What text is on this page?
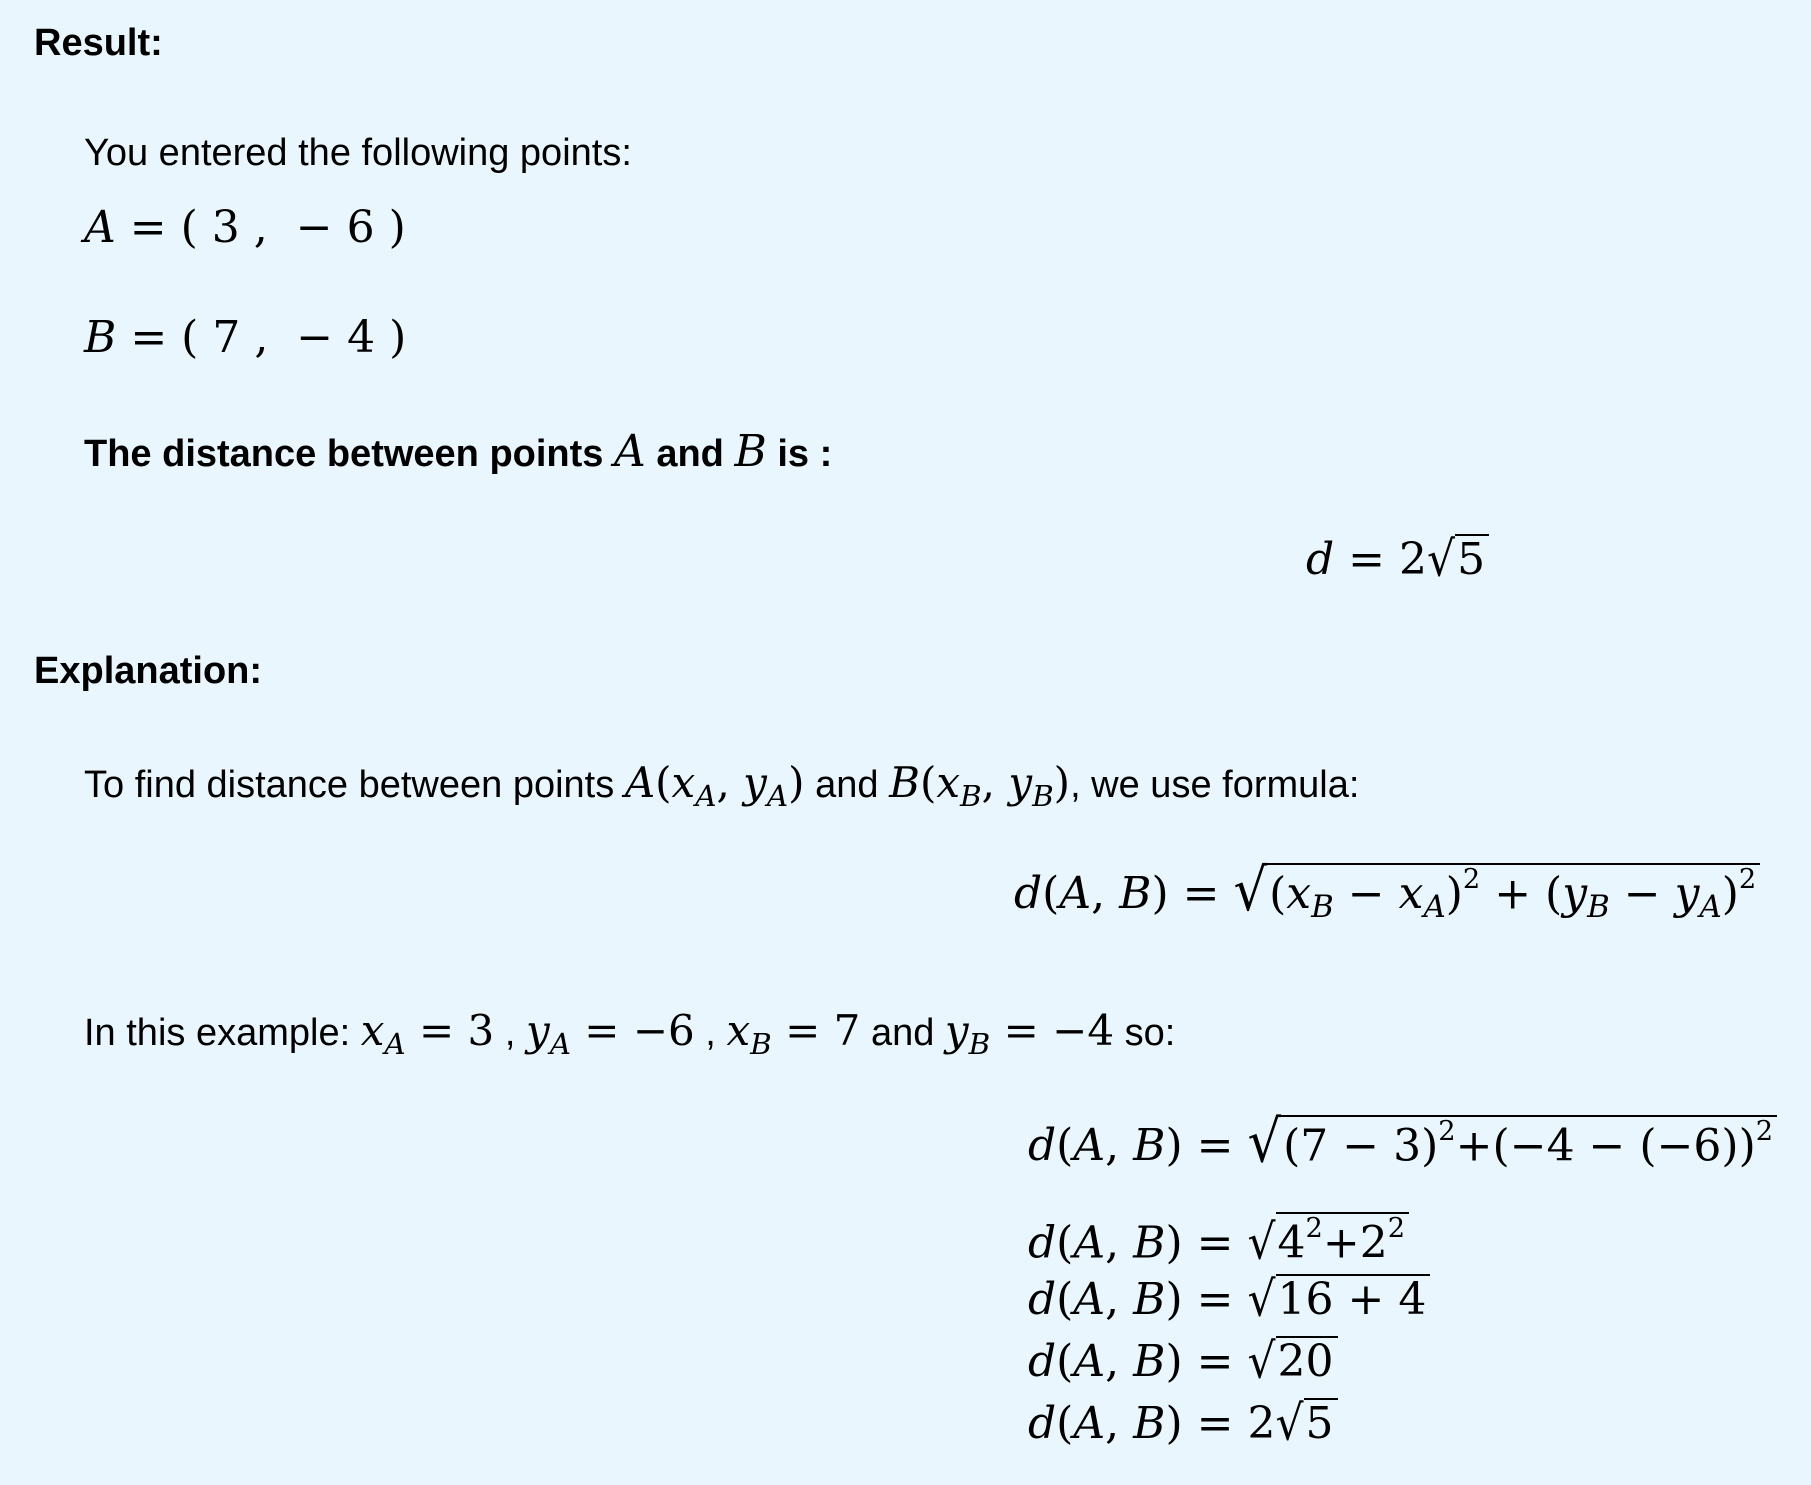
Result:
You entered the following points:
A = ( 3 ,  − 6 )
B = ( 7 ,  − 4 )
The distance between points A and B is :
d = 2√5
Explanation:
To find distance between points $A(x_A$, $y_A$) and $B(x_B$, $y_B$), we use formula:
d(A, $B) = √(x_B - x_A)^2 + (y_B - y_A)^2$
In this example: $x_A = 3$ , $y_A = -6$ , $x_B = 7$ and $y_B = -4$ so:
d(A, $B) = √(7 - 3)^2+(-4 - (-6))^2$
d(A, $B) = √4^2+2^2$
d(A, B) = √16 + 4
d(A, B) = √20
d(A, B) = 2√5
